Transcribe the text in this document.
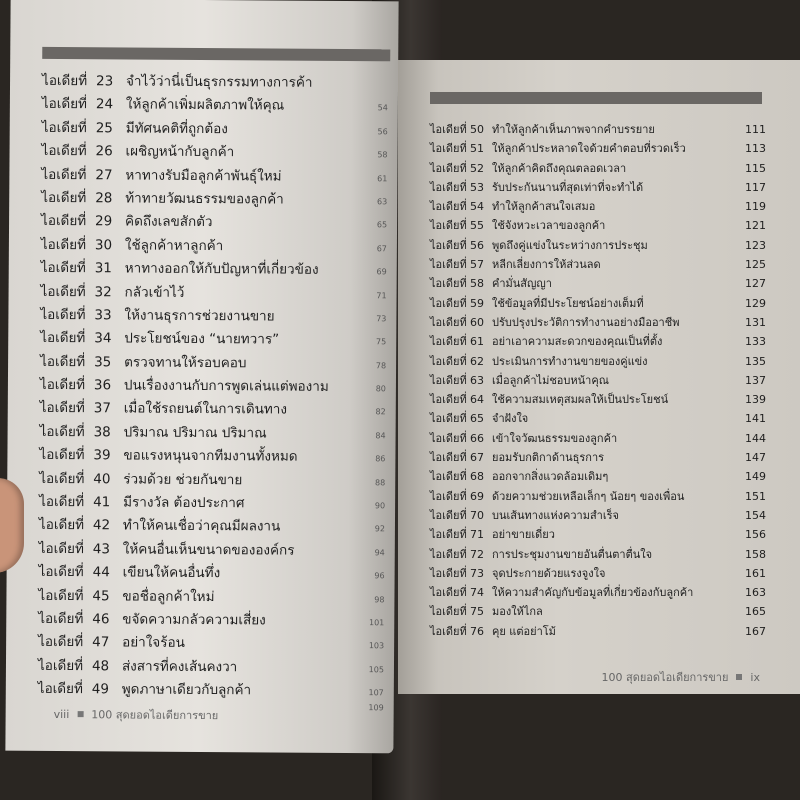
ไอเดียที่ 23 จำไว้ว่านี่เป็นธุรกรรมทางการค้า
ไอเดียที่ 24 ให้ลูกค้าเพิ่มผลิตภาพให้คุณ	54
ไอเดียที่ 25 มีทัศนคติที่ถูกต้อง	56
ไอเดียที่ 26 เผชิญหน้ากับลูกค้า	58
ไอเดียที่ 27 หาทางรับมือลูกค้าพันธุ์ใหม่	61
ไอเดียที่ 28 ท้าทายวัฒนธรรมของลูกค้า	63
ไอเดียที่ 29 คิดถึงเลขสักตัว	65
ไอเดียที่ 30 ใช้ลูกค้าหาลูกค้า	67
ไอเดียที่ 31 หาทางออกให้กับปัญหาที่เกี่ยวข้อง	69
ไอเดียที่ 32 กลัวเข้าไว้	71
ไอเดียที่ 33 ให้งานธุรการช่วยงานขาย	73
ไอเดียที่ 34 ประโยชน์ของ “นายทวาร”	75
ไอเดียที่ 35 ตรวจทานให้รอบคอบ	78
ไอเดียที่ 36 ปนเรื่องงานกับการพูดเล่นแต่พองาม	80
ไอเดียที่ 37 เมื่อใช้รถยนต์ในการเดินทาง	82
ไอเดียที่ 38 ปริมาณ ปริมาณ ปริมาณ	84
ไอเดียที่ 39 ขอแรงหนุนจากทีมงานทั้งหมด	86
ไอเดียที่ 40 ร่วมด้วย ช่วยกันขาย	88
ไอเดียที่ 41 มีรางวัล ต้องประกาศ	90
ไอเดียที่ 42 ทำให้คนเชื่อว่าคุณมีผลงาน	92
ไอเดียที่ 43 ให้คนอื่นเห็นขนาดขององค์กร	94
ไอเดียที่ 44 เขียนให้คนอื่นทึ่ง	96
ไอเดียที่ 45 ขอชื่อลูกค้าใหม่	98
ไอเดียที่ 46 ขจัดความกลัวความเสี่ยง	101
ไอเดียที่ 47 อย่าใจร้อน	103
ไอเดียที่ 48 ส่งสารที่คงเส้นคงวา	105
ไอเดียที่ 49 พูดภาษาเดียวกับลูกค้า	107
109
viii 100 สุดยอดไอเดียการขาย
ไอเดียที่ 50 ทำให้ลูกค้าเห็นภาพจากคำบรรยาย	111
ไอเดียที่ 51 ให้ลูกค้าประหลาดใจด้วยคำตอบที่รวดเร็ว	113
ไอเดียที่ 52 ให้ลูกค้าคิดถึงคุณตลอดเวลา	115
ไอเดียที่ 53 รับประกันนานที่สุดเท่าที่จะทำได้	117
ไอเดียที่ 54 ทำให้ลูกค้าสนใจเสมอ	119
ไอเดียที่ 55 ใช้จังหวะเวลาของลูกค้า	121
ไอเดียที่ 56 พูดถึงคู่แข่งในระหว่างการประชุม	123
ไอเดียที่ 57 หลีกเลี่ยงการให้ส่วนลด	125
ไอเดียที่ 58 คำมั่นสัญญา	127
ไอเดียที่ 59 ใช้ข้อมูลที่มีประโยชน์อย่างเต็มที่	129
ไอเดียที่ 60 ปรับปรุงประวัติการทำงานอย่างมืออาชีพ	131
ไอเดียที่ 61 อย่าเอาความสะดวกของคุณเป็นที่ตั้ง	133
ไอเดียที่ 62 ประเมินการทำงานขายของคู่แข่ง	135
ไอเดียที่ 63 เมื่อลูกค้าไม่ชอบหน้าคุณ	137
ไอเดียที่ 64 ใช้ความสมเหตุสมผลให้เป็นประโยชน์	139
ไอเดียที่ 65 จำฝังใจ	141
ไอเดียที่ 66 เข้าใจวัฒนธรรมของลูกค้า	144
ไอเดียที่ 67 ยอมรับกติกาด้านธุรการ	147
ไอเดียที่ 68 ออกจากสิ่งแวดล้อมเดิมๆ	149
ไอเดียที่ 69 ด้วยความช่วยเหลือเล็กๆ น้อยๆ ของเพื่อน	151
ไอเดียที่ 70 บนเส้นทางแห่งความสำเร็จ	154
ไอเดียที่ 71 อย่าขายเดี่ยว	156
ไอเดียที่ 72 การประชุมงานขายอันตื่นตาตื่นใจ	158
ไอเดียที่ 73 จุดประกายด้วยแรงจูงใจ	161
ไอเดียที่ 74 ให้ความสำคัญกับข้อมูลที่เกี่ยวข้องกับลูกค้า	163
ไอเดียที่ 75 มองให้ไกล	165
ไอเดียที่ 76 คุย แต่อย่าโม้	167
100 สุดยอดไอเดียการขาย ix
